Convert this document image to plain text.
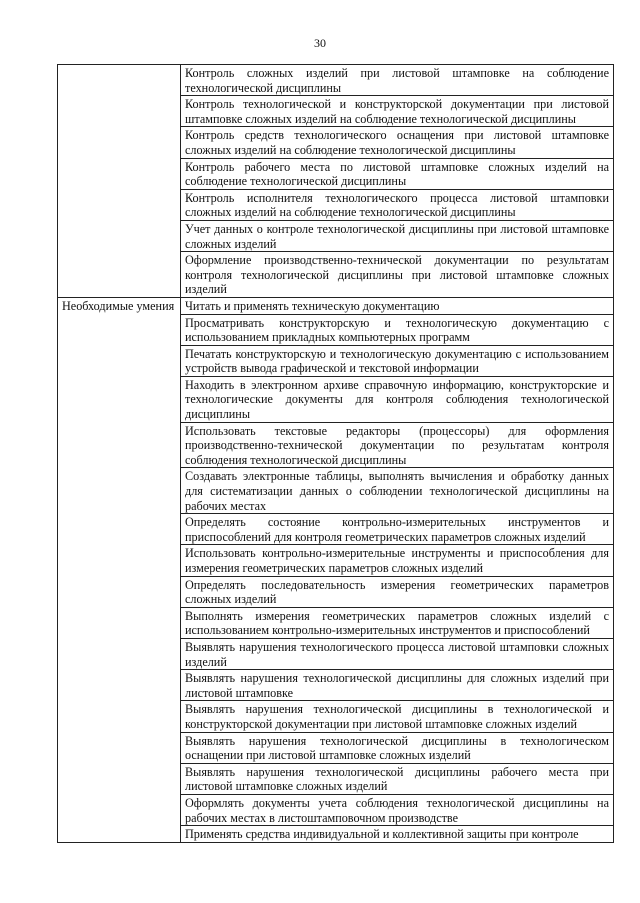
30
	Контроль сложных изделий при листовой штамповке на соблюдение технологической дисциплины
	Контроль технологической и конструкторской документации при листовой штамповке сложных изделий на соблюдение технологической дисциплины
	Контроль средств технологического оснащения при листовой штамповке сложных изделий на соблюдение технологической дисциплины
	Контроль рабочего места по листовой штамповке сложных изделий на соблюдение технологической дисциплины
	Контроль исполнителя технологического процесса листовой штамповки сложных изделий на соблюдение технологической дисциплины
	Учет данных о контроле технологической дисциплины при листовой штамповке сложных изделий
	Оформление производственно-технической документации по результатам контроля технологической дисциплины при листовой штамповке сложных изделий

Необходимые умения	Читать и применять техническую документацию
	Просматривать конструкторскую и технологическую документацию с использованием прикладных компьютерных программ
	Печатать конструкторскую и технологическую документацию с использованием устройств вывода графической и текстовой информации
	Находить в электронном архиве справочную информацию, конструкторские и технологические документы для контроля соблюдения технологической дисциплины
	Использовать текстовые редакторы (процессоры) для оформления производственно-технической документации по результатам контроля соблюдения технологической дисциплины
	Создавать электронные таблицы, выполнять вычисления и обработку данных для систематизации данных о соблюдении технологической дисциплины на рабочих местах
	Определять состояние контрольно-измерительных инструментов и приспособлений для контроля геометрических параметров сложных изделий
	Использовать контрольно-измерительные инструменты и приспособления для измерения геометрических параметров сложных изделий
	Определять последовательность измерения геометрических параметров сложных изделий
	Выполнять измерения геометрических параметров сложных изделий с использованием контрольно-измерительных инструментов и приспособлений
	Выявлять нарушения технологического процесса листовой штамповки сложных изделий
	Выявлять нарушения технологической дисциплины для сложных изделий при листовой штамповке
	Выявлять нарушения технологической дисциплины в технологической и конструкторской документации при листовой штамповке сложных изделий
	Выявлять нарушения технологической дисциплины в технологическом оснащении при листовой штамповке сложных изделий
	Выявлять нарушения технологической дисциплины рабочего места при листовой штамповке сложных изделий
	Оформлять документы учета соблюдения технологической дисциплины на рабочих местах в листоштамповочном производстве
	Применять средства индивидуальной и коллективной защиты при контроле
